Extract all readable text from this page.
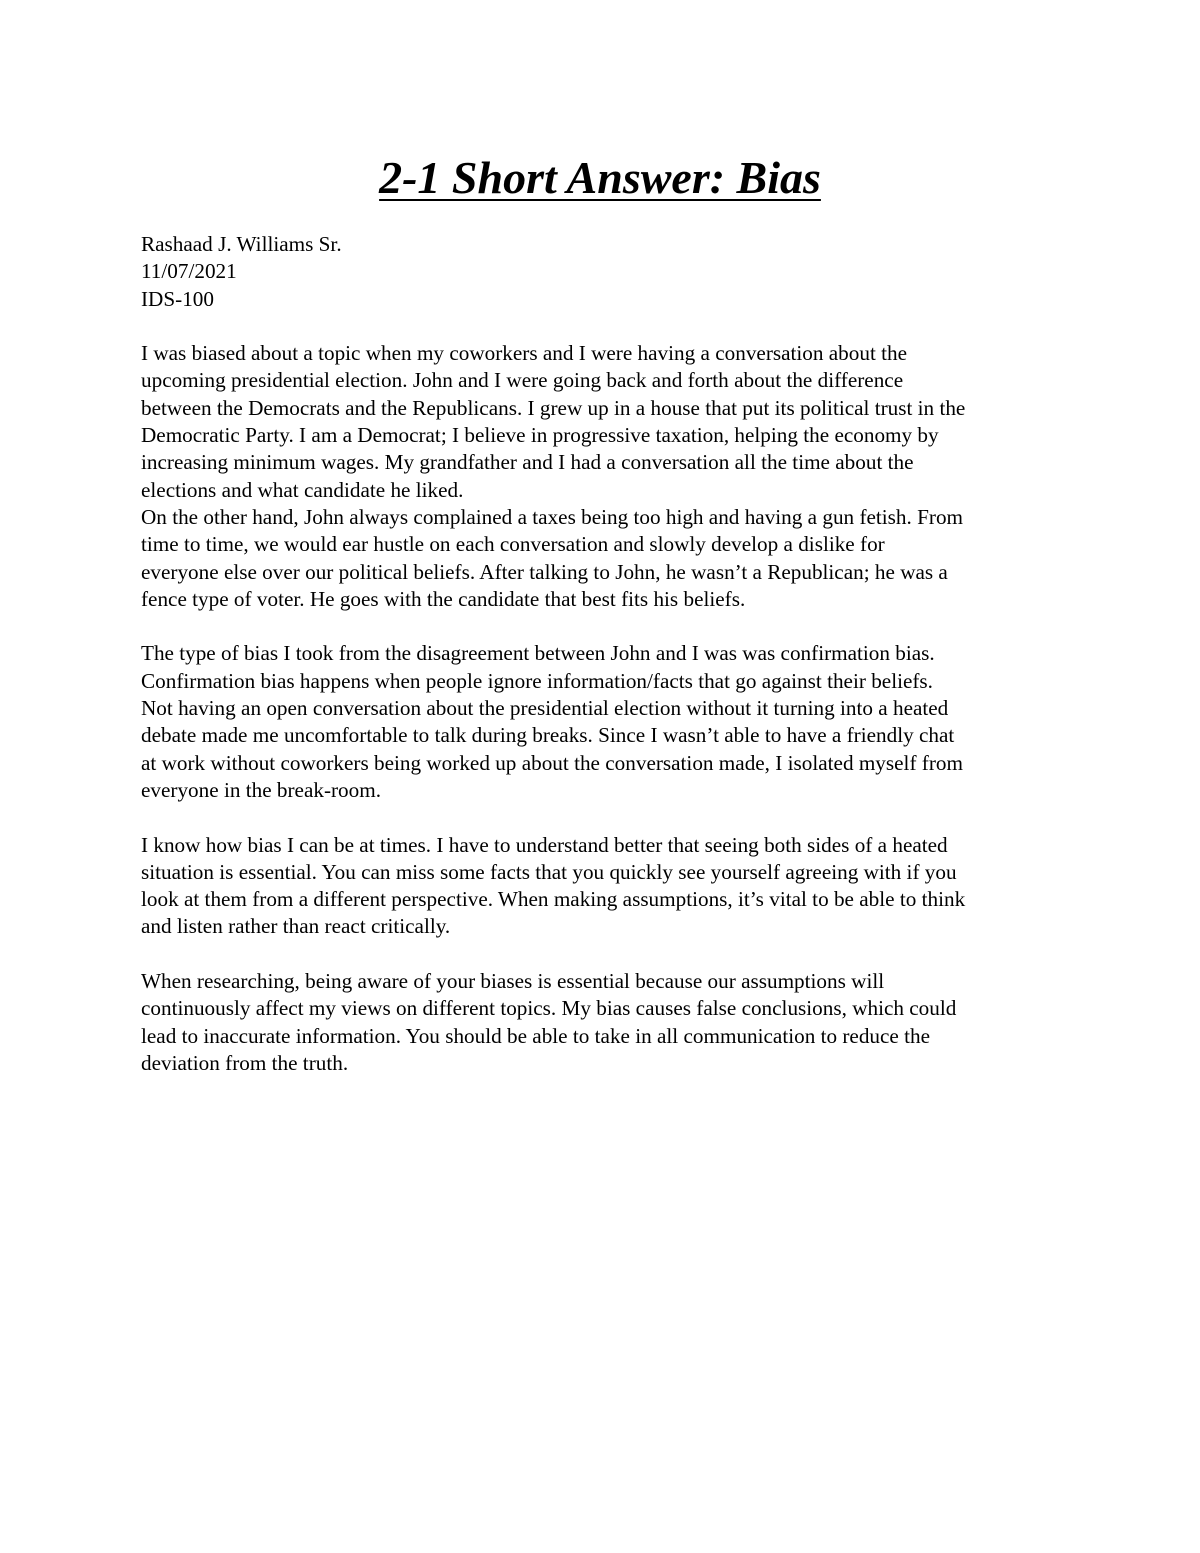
2-1 Short Answer: Bias
Rashaad J. Williams Sr.
11/07/2021
IDS-100
I was biased about a topic when my coworkers and I were having a conversation about the
upcoming presidential election. John and I were going back and forth about the difference
between the Democrats and the Republicans. I grew up in a house that put its political trust in the
Democratic Party. I am a Democrat; I believe in progressive taxation, helping the economy by
increasing minimum wages. My grandfather and I had a conversation all the time about the
elections and what candidate he liked.
On the other hand, John always complained a taxes being too high and having a gun fetish. From
time to time, we would ear hustle on each conversation and slowly develop a dislike for
everyone else over our political beliefs. After talking to John, he wasn’t a Republican; he was a
fence type of voter. He goes with the candidate that best fits his beliefs.
The type of bias I took from the disagreement between John and I was was confirmation bias.
Confirmation bias happens when people ignore information/facts that go against their beliefs.
Not having an open conversation about the presidential election without it turning into a heated
debate made me uncomfortable to talk during breaks. Since I wasn’t able to have a friendly chat
at work without coworkers being worked up about the conversation made, I isolated myself from
everyone in the break-room.
I know how bias I can be at times. I have to understand better that seeing both sides of a heated
situation is essential. You can miss some facts that you quickly see yourself agreeing with if you
look at them from a different perspective. When making assumptions, it’s vital to be able to think
and listen rather than react critically.
When researching, being aware of your biases is essential because our assumptions will
continuously affect my views on different topics. My bias causes false conclusions, which could
lead to inaccurate information. You should be able to take in all communication to reduce the
deviation from the truth.
